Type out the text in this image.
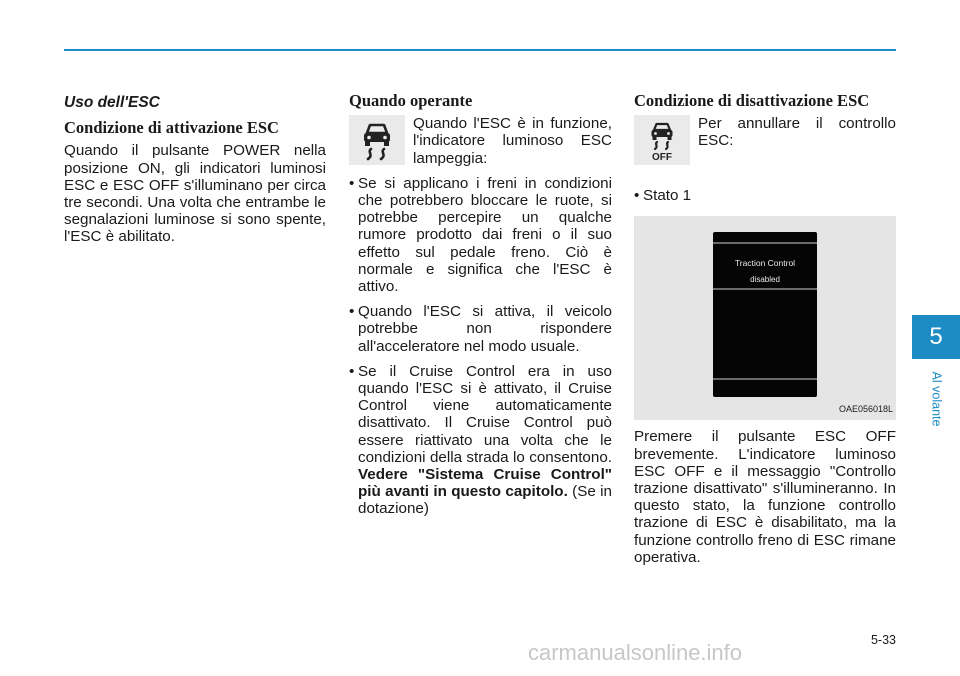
Uso dell'ESC
Condizione di attivazione ESC
Quando il pulsante POWER nella posizione ON, gli indicatori luminosi ESC e ESC OFF s'illuminano per circa tre secondi. Una volta che entrambe le segnalazioni luminose si sono spente, l'ESC è abilitato.
Quando operante
Quando l'ESC è in funzione, l'indicatore luminoso ESC lampeggia:
• Se si applicano i freni in condizioni che potrebbero bloccare le ruote, si potrebbe percepire un qualche rumore prodotto dai freni o il suo effetto sul pedale freno. Ciò è normale e significa che l'ESC è attivo.
• Quando l'ESC si attiva, il veicolo potrebbe non rispondere all'acceleratore nel modo usuale.
• Se il Cruise Control era in uso quando l'ESC si è attivato, il Cruise Control viene automaticamente disattivato. Il Cruise Control può essere riattivato una volta che le condizioni della strada lo consentono. Vedere "Sistema Cruise Control" più avanti in questo capitolo. (Se in dotazione)
Condizione di disattivazione ESC
OFF
Per annullare il controllo ESC:
• Stato 1
Traction Control
disabled
OAE056018L
Premere il pulsante ESC OFF brevemente. L'indicatore luminoso ESC OFF e il messaggio "Controllo trazione disattivato" s'illumineranno. In questo stato, la funzione controllo trazione di ESC è disabilitato, ma la funzione controllo freno di ESC rimane operativa.
5
Al volante
5-33
carmanualsonline.info
